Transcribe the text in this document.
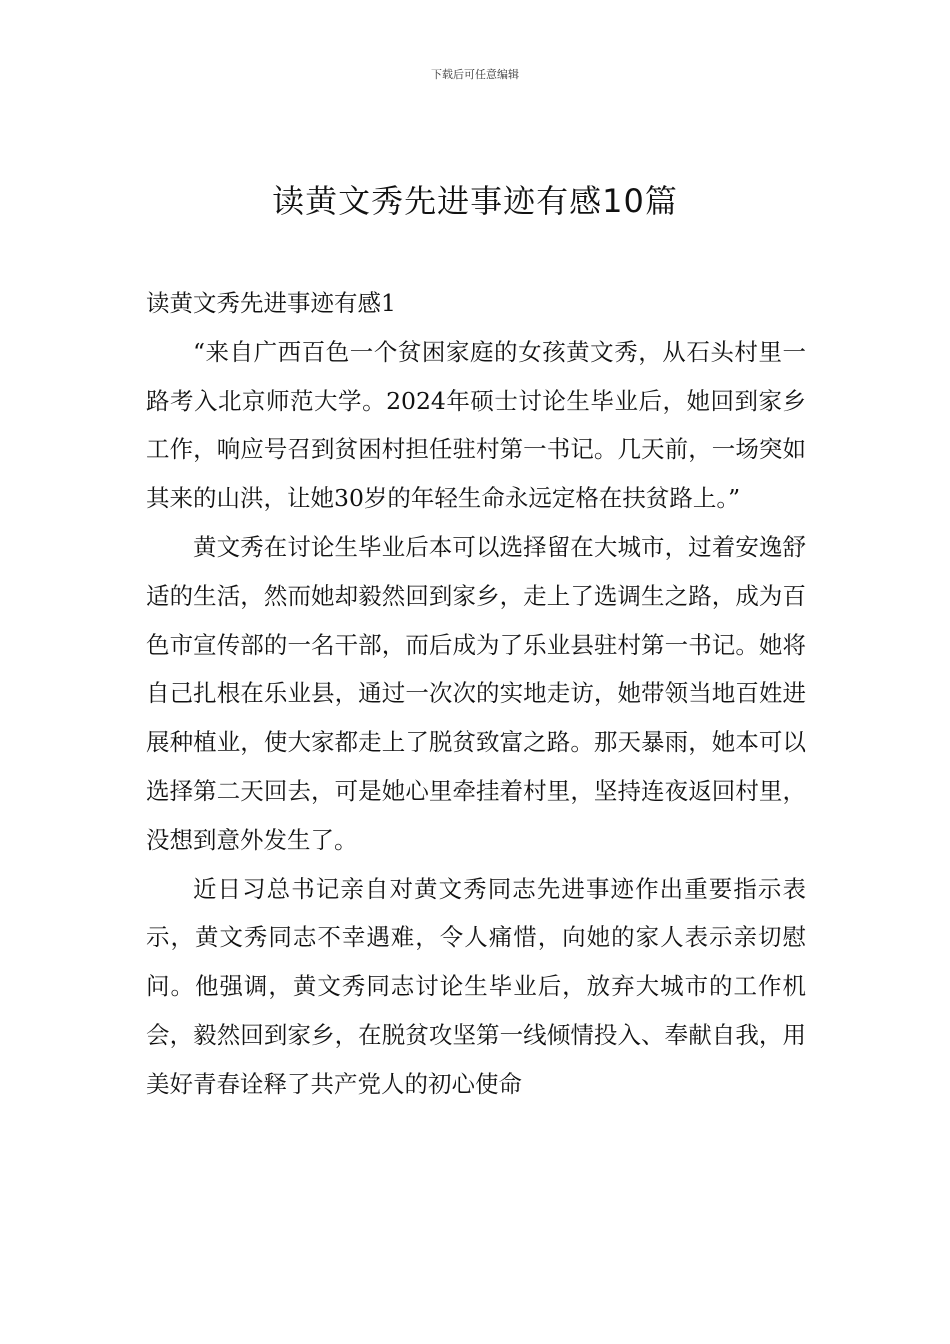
下载后可任意编辑
读黄文秀先进事迹有感10篇

读黄文秀先进事迹有感1

“来自广西百色一个贫困家庭的女孩黄文秀，从石头村里一路考入北京师范大学。2024年硕士讨论生毕业后，她回到家乡工作，响应号召到贫困村担任驻村第一书记。几天前，一场突如其来的山洪，让她30岁的年轻生命永远定格在扶贫路上。”

黄文秀在讨论生毕业后本可以选择留在大城市，过着安逸舒适的生活，然而她却毅然回到家乡，走上了选调生之路，成为百色市宣传部的一名干部，而后成为了乐业县驻村第一书记。她将自己扎根在乐业县，通过一次次的实地走访，她带领当地百姓进展种植业，使大家都走上了脱贫致富之路。那天暴雨，她本可以选择第二天回去，可是她心里牵挂着村里，坚持连夜返回村里，没想到意外发生了。

近日习总书记亲自对黄文秀同志先进事迹作出重要指示表示，黄文秀同志不幸遇难，令人痛惜，向她的家人表示亲切慰问。他强调，黄文秀同志讨论生毕业后，放弃大城市的工作机会，毅然回到家乡，在脱贫攻坚第一线倾情投入、奉献自我，用美好青春诠释了共产党人的初心使命
